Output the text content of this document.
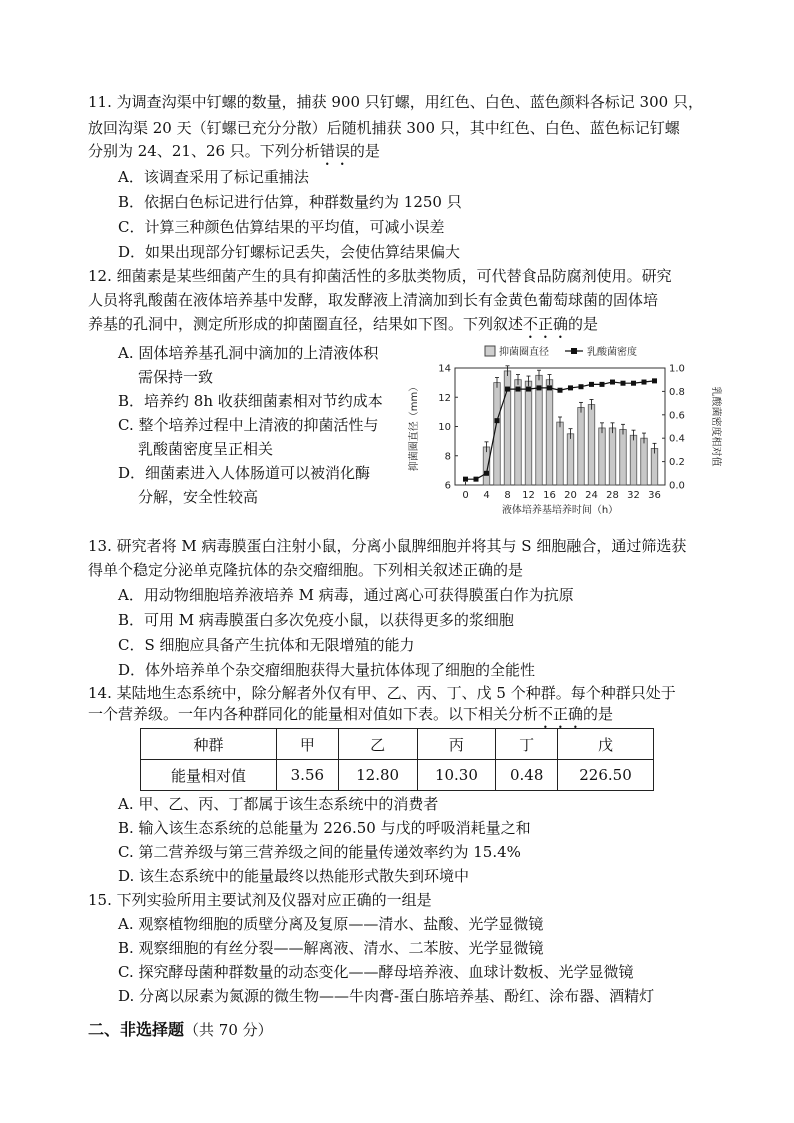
11. 为调查沟渠中钉螺的数量，捕获 900 只钉螺，用红色、白色、蓝色颜料各标记 300 只，
放回沟渠 20 天（钉螺已充分分散）后随机捕获 300 只，其中红色、白色、蓝色标记钉螺
分别为 24、21、26 只。下列分析错误的是
A．该调查采用了标记重捕法
B．依据白色标记进行估算，种群数量约为 1250 只
C．计算三种颜色估算结果的平均值，可减小误差
D．如果出现部分钉螺标记丢失，会使估算结果偏大
12. 细菌素是某些细菌产生的具有抑菌活性的多肽类物质，可代替食品防腐剂使用。研究
人员将乳酸菌在液体培养基中发酵，取发酵液上清滴加到长有金黄色葡萄球菌的固体培
养基的孔洞中，测定所形成的抑菌圈直径，结果如下图。下列叙述不正确的是
A. 固体培养基孔洞中滴加的上清液体积
需保持一致
B．培养约 8h 收获细菌素相对节约成本
C. 整个培养过程中上清液的抑菌活性与
乳酸菌密度呈正相关
D．细菌素进入人体肠道可以被消化酶
分解，安全性较高
抑菌圈直径	乳酸菌密度
6
8
10
12
14
0.0
0.2
0.4
0.6
0.8
1.0
0 4 8 12 16 20 24 28 32 36
液体培养基培养时间（h）
抑菌圈直径（mm）	乳酸菌密度相对值
13. 研究者将 M 病毒膜蛋白注射小鼠，分离小鼠脾细胞并将其与 S 细胞融合，通过筛选获
得单个稳定分泌单克隆抗体的杂交瘤细胞。下列相关叙述正确的是
A．用动物细胞培养液培养 M 病毒，通过离心可获得膜蛋白作为抗原
B．可用 M 病毒膜蛋白多次免疫小鼠，以获得更多的浆细胞
C．S 细胞应具备产生抗体和无限增殖的能力
D．体外培养单个杂交瘤细胞获得大量抗体体现了细胞的全能性
14. 某陆地生态系统中，除分解者外仅有甲、乙、丙、丁、戊 5 个种群。每个种群只处于
一个营养级。一年内各种群同化的能量相对值如下表。以下相关分析不正确的是
种群	甲	乙	丙	丁	戊
能量相对值	3.56	12.80	10.30	0.48	226.50
A. 甲、乙、丙、丁都属于该生态系统中的消费者
B. 输入该生态系统的总能量为 226.50 与戊的呼吸消耗量之和
C. 第二营养级与第三营养级之间的能量传递效率约为 15.4%
D. 该生态系统中的能量最终以热能形式散失到环境中
15. 下列实验所用主要试剂及仪器对应正确的一组是
A. 观察植物细胞的质壁分离及复原——清水、盐酸、光学显微镜
B. 观察细胞的有丝分裂——解离液、清水、二苯胺、光学显微镜
C. 探究酵母菌种群数量的动态变化——酵母培养液、血球计数板、光学显微镜
D. 分离以尿素为氮源的微生物——牛肉膏-蛋白胨培养基、酚红、涂布器、酒精灯
二、非选择题（共 70 分）
